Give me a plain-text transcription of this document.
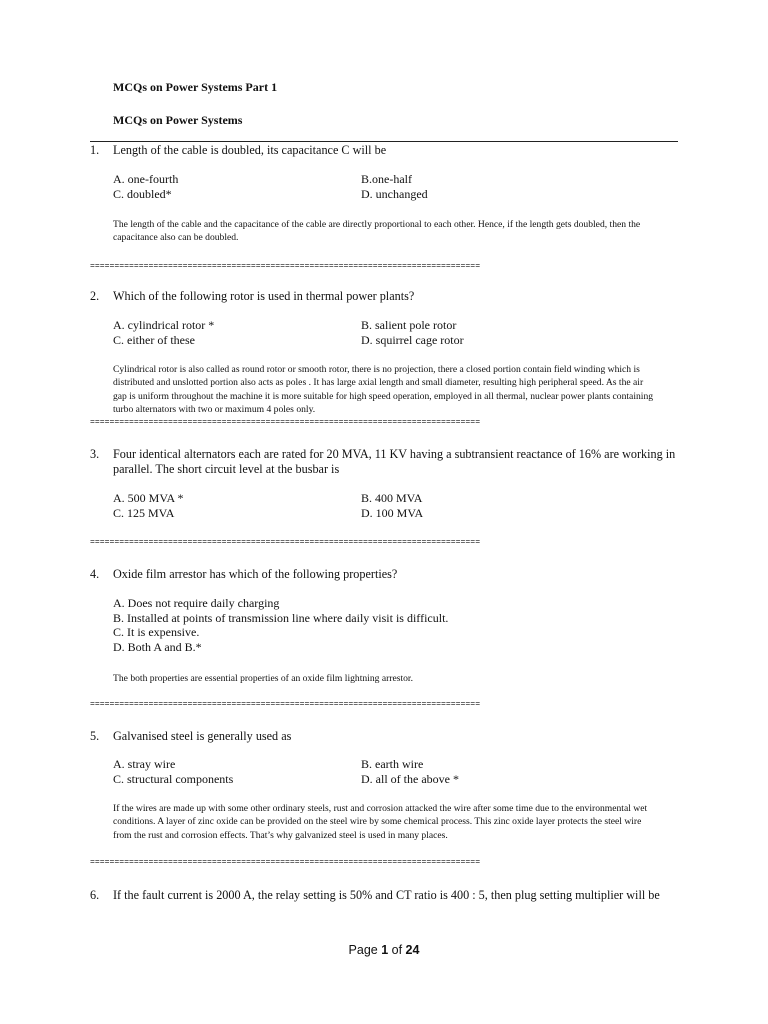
MCQs on Power Systems Part 1
MCQs on Power Systems
1.	Length of the cable is doubled, its capacitance C will be
A. one-fourth	B.one-half
C. doubled*	D. unchanged
The length of the cable and the capacitance of the cable are directly proportional to each other. Hence, if the length gets doubled, then the capacitance also can be doubled.
================================================================================
2.	Which of the following rotor is used in thermal power plants?
A. cylindrical rotor *	B. salient pole rotor
C. either of these	D. squirrel cage rotor
Cylindrical rotor is also called as round rotor or smooth rotor, there is no projection, there a closed portion contain field winding which is distributed and unslotted portion also acts as poles . It has large axial length and small diameter, resulting high peripheral speed. As the air gap is uniform throughout the machine it is more suitable for high speed operation, employed in all thermal, nuclear power plants containing turbo alternators with two or maximum 4 poles only.
================================================================================
3.	Four identical alternators each are rated for 20 MVA, 11 KV having a subtransient reactance of 16% are working in parallel. The short circuit level at the busbar is
A. 500 MVA *	B. 400 MVA
C. 125 MVA	D. 100 MVA
================================================================================
4.	Oxide film arrestor has which of the following properties?
A. Does not require daily charging
B. Installed at points of transmission line where daily visit is difficult.
C. It is expensive.
D. Both A and B.*
The both properties are essential properties of an oxide film lightning arrestor.
================================================================================
5.	Galvanised steel is generally used as
A. stray wire	B. earth wire
C. structural components	D. all of the above *
If the wires are made up with some other ordinary steels, rust and corrosion attacked the wire after some time due to the environmental wet conditions. A layer of zinc oxide can be provided on the steel wire by some chemical process. This zinc oxide layer protects the steel wire from the rust and corrosion effects. That’s why galvanized steel is used in many places.
================================================================================
6.	If the fault current is 2000 A, the relay setting is 50% and CT ratio is 400 : 5, then plug setting multiplier will be
Page 1 of 24
